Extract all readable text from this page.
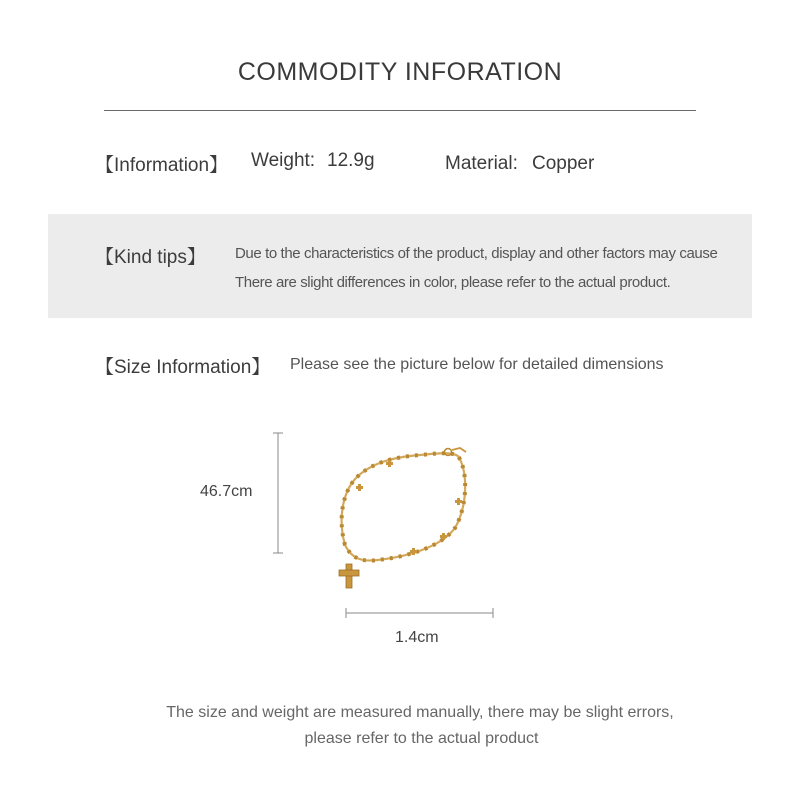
COMMODITY INFORATION
【Information】 Weight: 12.9g	Material: Copper
【Kind tips】 Due to the characteristics of the product, display and other factors may cause
There are slight differences in color, please refer to the actual product.
【Size Information】 Please see the picture below for detailed dimensions
46.7cm
1.4cm
The size and weight are measured manually, there may be slight errors,
please refer to the actual product
